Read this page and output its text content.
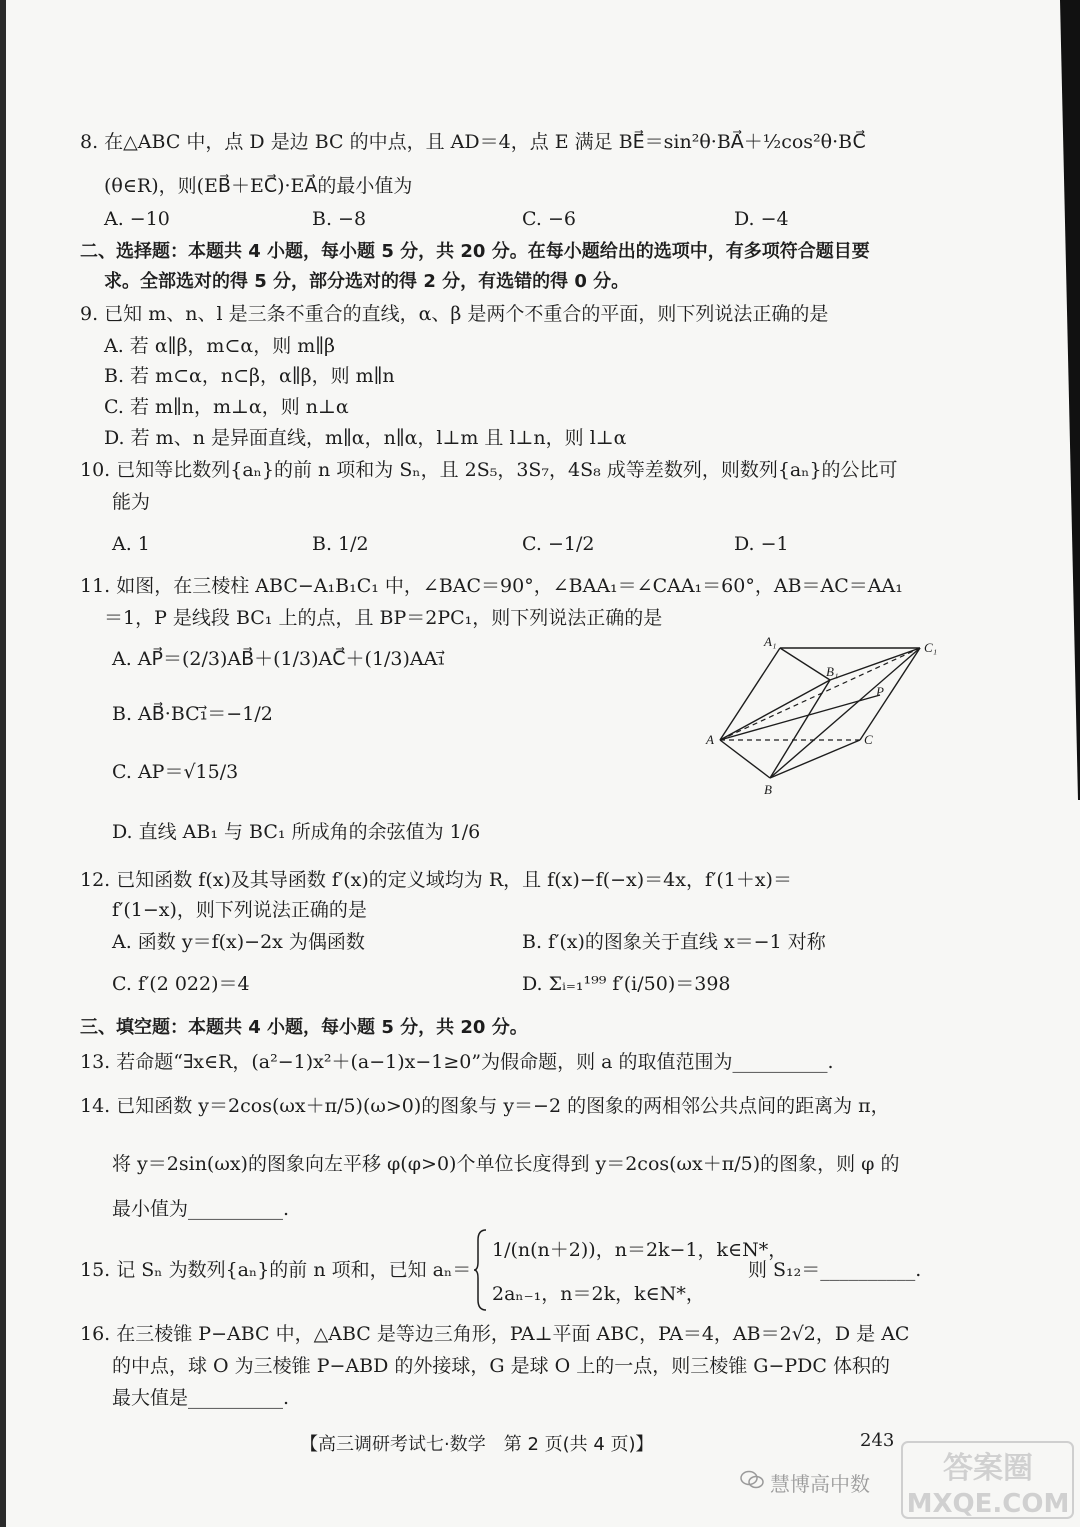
8. 在△ABC 中，点 D 是边 BC 的中点，且 AD＝4，点 E 满足 BE⃗＝sin²θ·BA⃗＋½cos²θ·BC⃗
(θ∈R)，则(EB⃗＋EC⃗)·EA⃗的最小值为
A. −10	B. −8	C. −6	D. −4
二、选择题：本题共 4 小题，每小题 5 分，共 20 分。在每小题给出的选项中，有多项符合题目要
求。全部选对的得 5 分，部分选对的得 2 分，有选错的得 0 分。
9. 已知 m、n、l 是三条不重合的直线，α、β 是两个不重合的平面，则下列说法正确的是
A. 若 α∥β，m⊂α，则 m∥β
B. 若 m⊂α，n⊂β，α∥β，则 m∥n
C. 若 m∥n，m⊥α，则 n⊥α
D. 若 m、n 是异面直线，m∥α，n∥α，l⊥m 且 l⊥n，则 l⊥α
10. 已知等比数列{aₙ}的前 n 项和为 Sₙ，且 2S₅，3S₇，4S₈ 成等差数列，则数列{aₙ}的公比可
能为
A. 1	B. 1/2	C. −1/2	D. −1
11. 如图，在三棱柱 ABC−A₁B₁C₁ 中，∠BAC＝90°，∠BAA₁＝∠CAA₁＝60°，AB＝AC＝AA₁
＝1，P 是线段 BC₁ 上的点，且 BP＝2PC₁，则下列说法正确的是
A. AP⃗＝(2/3)AB⃗＋(1/3)AC⃗＋(1/3)AA₁⃗
B. AB⃗·BC₁⃗＝−1/2
C. AP＝√15/3
D. 直线 AB₁ 与 BC₁ 所成角的余弦值为 1/6
A₁	C₁
B₁
P
A	C
B
12. 已知函数 f(x)及其导函数 f′(x)的定义域均为 R，且 f(x)−f(−x)＝4x，f′(1＋x)＝
f′(1−x)，则下列说法正确的是
A. 函数 y＝f(x)−2x 为偶函数	B. f′(x)的图象关于直线 x＝−1 对称
C. f′(2 022)＝4	D. Σᵢ₌₁¹⁹⁹ f′(i/50)＝398
三、填空题：本题共 4 小题，每小题 5 分，共 20 分。
13. 若命题“∃x∈R，(a²−1)x²＋(a−1)x−1≥0”为假命题，则 a 的取值范围为__________.
14. 已知函数 y＝2cos(ωx＋π/5)(ω>0)的图象与 y＝−2 的图象的两相邻公共点间的距离为 π，
将 y＝2sin(ωx)的图象向左平移 φ(φ>0)个单位长度得到 y＝2cos(ωx＋π/5)的图象，则 φ 的
最小值为__________.
15. 记 Sₙ 为数列{aₙ}的前 n 项和，已知 aₙ＝
1/(n(n＋2))，n＝2k−1，k∈N*，
2aₙ₋₁，n＝2k，k∈N*，
则 S₁₂＝__________.
16. 在三棱锥 P−ABC 中，△ABC 是等边三角形，PA⊥平面 ABC，PA＝4，AB＝2√2，D 是 AC
的中点，球 O 为三棱锥 P−ABD 的外接球，G 是球 O 上的一点，则三棱锥 G−PDC 体积的
最大值是__________.
【高三调研考试七·数学　第 2 页(共 4 页)】	243
慧博高中数 答案圈
MXQE.COM
